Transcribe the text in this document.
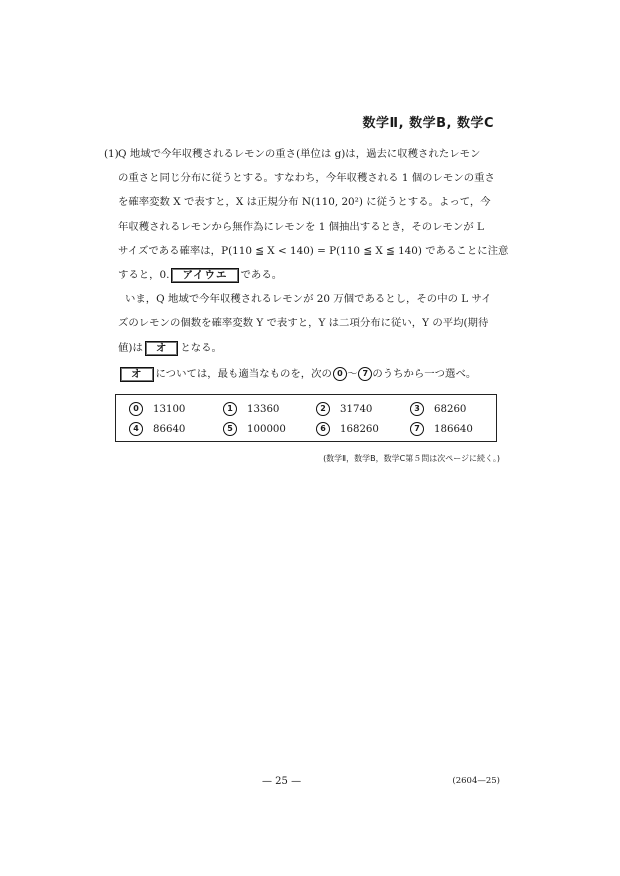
数学Ⅱ, 数学B, 数学C
(1)Q 地域で今年収穫されるレモンの重さ(単位は g)は，過去に収穫されたレモン
の重さと同じ分布に従うとする。すなわち，今年収穫される 1 個のレモンの重さ
を確率変数 X で表すと，X は正規分布 N(110, 20²) に従うとする。よって，今
年収穫されるレモンから無作為にレモンを 1 個抽出するとき，そのレモンが L
サイズである確率は，P(110 ≦ X < 140) = P(110 ≦ X ≦ 140) であることに注意
すると，0. アイウエ である。
いま，Q 地域で今年収穫されるレモンが 20 万個であるとし，その中の L サイ
ズのレモンの個数を確率変数 Y で表すと，Y は二項分布に従い，Y の平均(期待
値)は オ となる。
オ については，最も適当なものを，次の 0 ～ 7 のうちから一つ選べ。
0 13100	1 13360	2 31740	3 68260
4 86640	5 100000	6 168260	7 186640
(数学Ⅱ，数学B，数学C第５問は次ページに続く。)
— 25 —	(2604—25)
